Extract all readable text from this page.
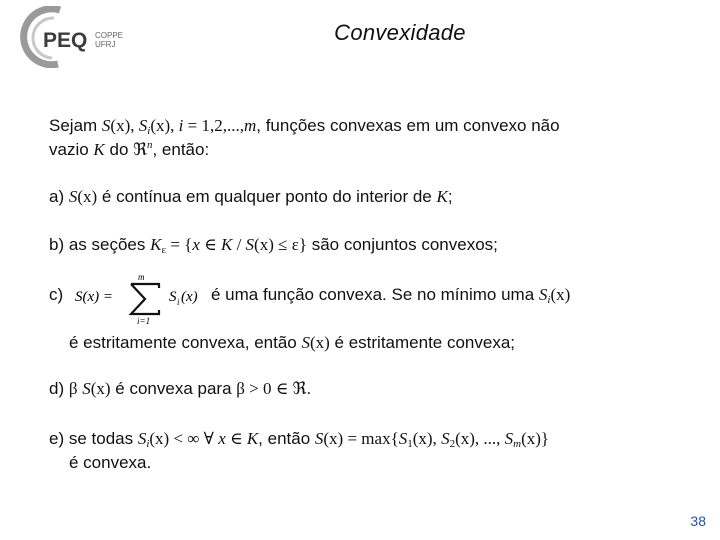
PEQ COPPE
UFRJ	Convexidade
Sejam S(x), $S_i(x)$, i = 1,2,...,m, funções convexas em um convexo não
vazio K do ℜ$^n$, então:
a) S(x) é contínua em qualquer ponto do interior de K;
b) as seções $K_\varepsilon = \{x$ ∈ K / S(x) ≤ ε} são conjuntos convexos;
c) S(x) =
m
i=1
S i (x) é uma função convexa. Se no mínimo uma $S_i(x)$
é estritamente convexa, então S(x) é estritamente convexa;
d) β S(x) é convexa para β > 0 ∈ ℜ.
e) se todas $S_i(x)$ < ∞ ∀ x ∈ K, então $S(x) = \max\{S_1(x)$, $S_2(x)$, ..., $S_m(x)$}
é convexa.
38
